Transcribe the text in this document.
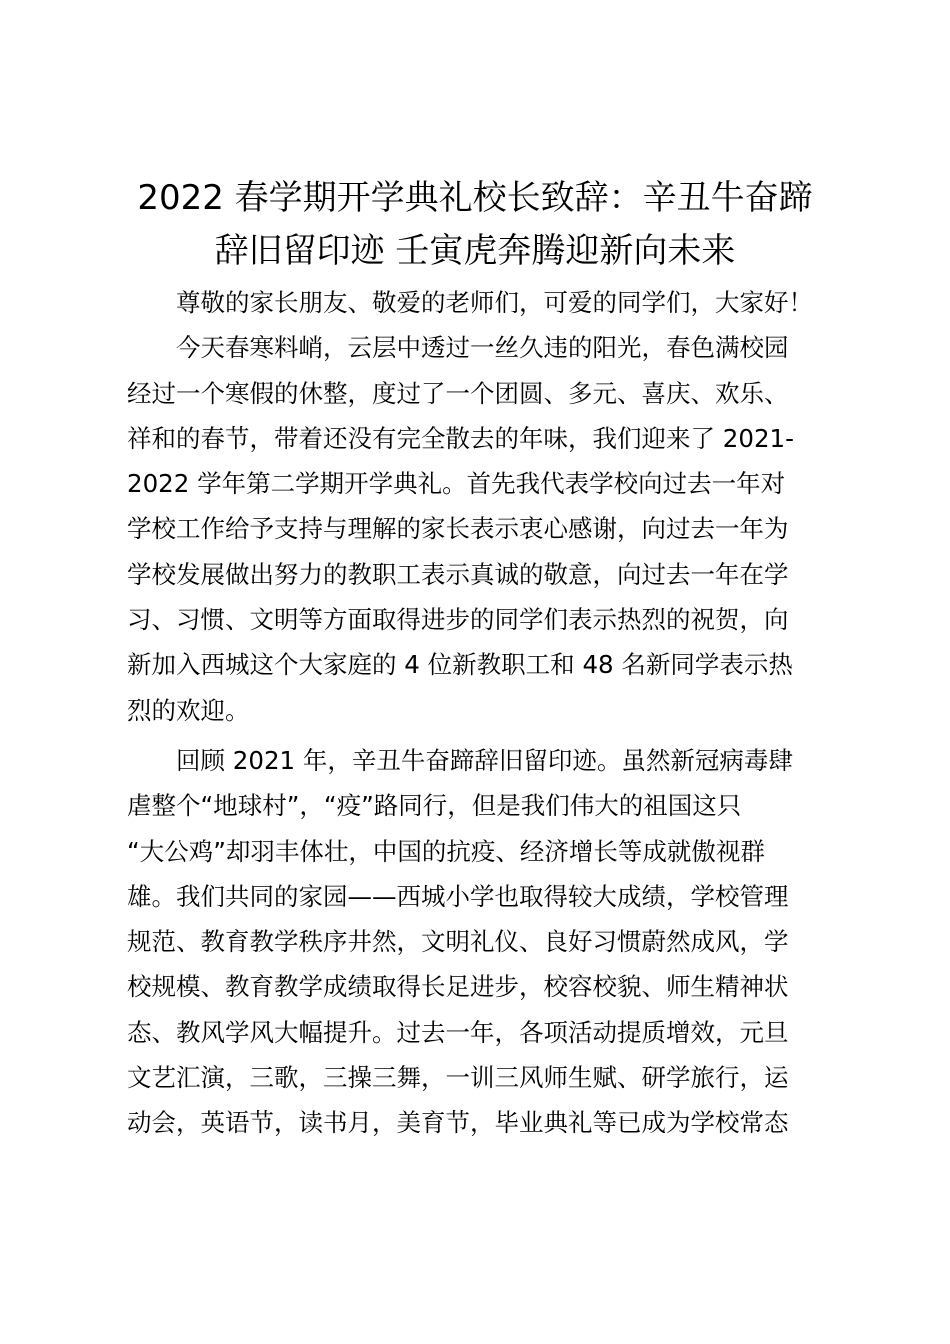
2022 春学期开学典礼校长致辞：辛丑牛奋蹄
辞旧留印迹 壬寅虎奔腾迎新向未来
　　尊敬的家长朋友、敬爱的老师们，可爱的同学们，大家好！
　　今天春寒料峭，云层中透过一丝久违的阳光，春色满校园
经过一个寒假的休整，度过了一个团圆、多元、喜庆、欢乐、
祥和的春节，带着还没有完全散去的年味，我们迎来了 2021-
2022 学年第二学期开学典礼。首先我代表学校向过去一年对
学校工作给予支持与理解的家长表示衷心感谢，向过去一年为
学校发展做出努力的教职工表示真诚的敬意，向过去一年在学
习、习惯、文明等方面取得进步的同学们表示热烈的祝贺，向
新加入西城这个大家庭的 4 位新教职工和 48 名新同学表示热
烈的欢迎。
　　回顾 2021 年，辛丑牛奋蹄辞旧留印迹。虽然新冠病毒肆
虐整个“地球村”，“疫”路同行，但是我们伟大的祖国这只
“大公鸡”却羽丰体壮，中国的抗疫、经济增长等成就傲视群
雄。我们共同的家园——西城小学也取得较大成绩，学校管理
规范、教育教学秩序井然，文明礼仪、良好习惯蔚然成风，学
校规模、教育教学成绩取得长足进步，校容校貌、师生精神状
态、教风学风大幅提升。过去一年，各项活动提质增效，元旦
文艺汇演，三歌，三操三舞，一训三风师生赋、研学旅行，运
动会，英语节，读书月，美育节，毕业典礼等已成为学校常态
